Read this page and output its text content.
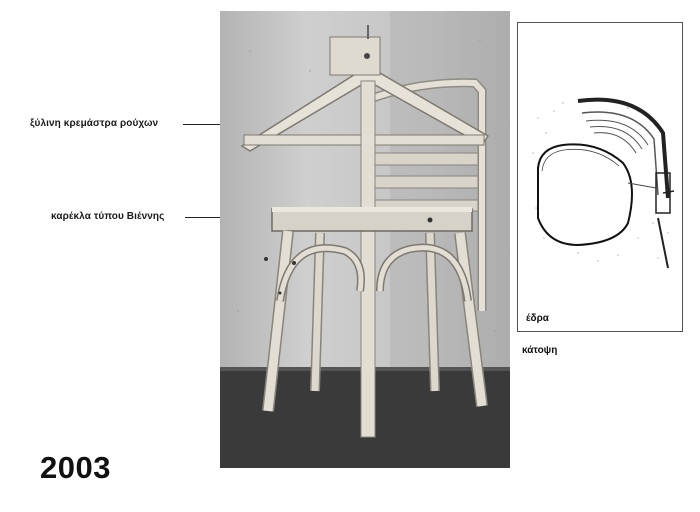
ξύλινη κρεμάστρα ρούχων
καρέκλα τύπου Βιέννης
έδρα
κάτοψη
2003
